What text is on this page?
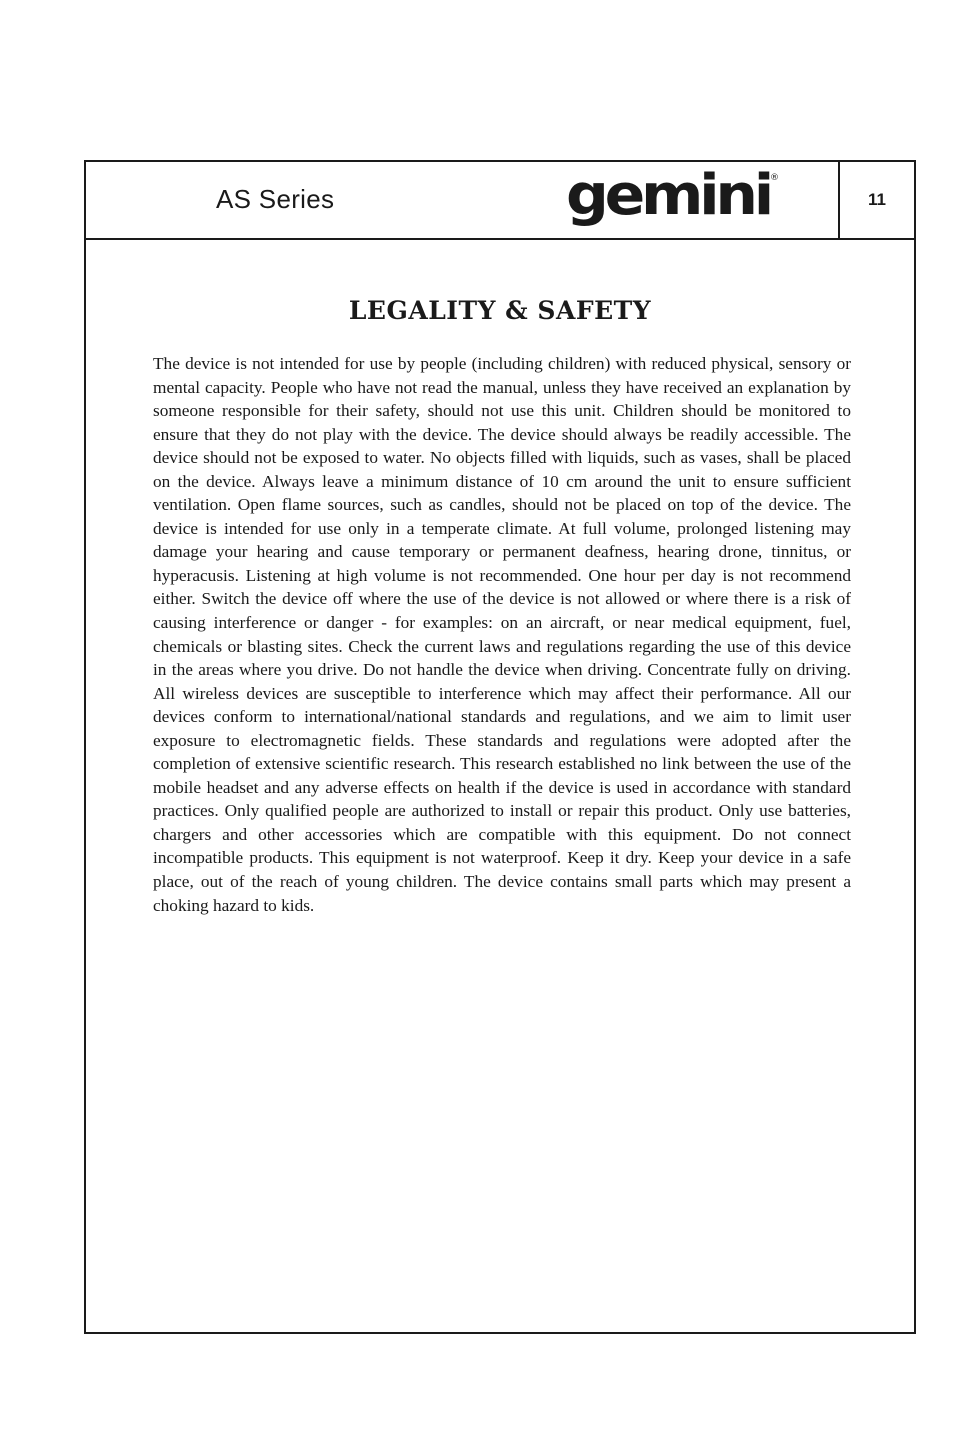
AS Series	gemini ®
11
LEGALITY & SAFETY

The device is not intended for use by people (including children) with reduced physical, sensory or mental capacity. People who have not read the manual, unless they have received an explanation by someone responsible for their safety, should not use this unit. Children should be monitored to ensure that they do not play with the device. The device should always be readily accessible. The device should not be exposed to water. No objects filled with liquids, such as vases, shall be placed on the device. Always leave a minimum distance of 10 cm around the unit to ensure sufficient ventilation. Open flame sources, such as candles, should not be placed on top of the device. The device is intended for use only in a temperate climate. At full volume, prolonged listening may damage your hearing and cause temporary or permanent deafness, hearing drone, tinnitus, or hyperacusis. Listening at high volume is not recommended. One hour per day is not recommend either. Switch the device off where the use of the device is not allowed or where there is a risk of causing interference or danger - for examples: on an aircraft, or near medical equipment, fuel, chemicals or blasting sites. Check the current laws and regulations regarding the use of this device in the areas where you drive. Do not handle the device when driving. Concentrate fully on driving. All wireless devices are susceptible to interference which may affect their performance. All our devices conform to international/national standards and regulations, and we aim to limit user exposure to electromagnetic fields. These standards and regulations were adopted after the completion of extensive scientific research. This research established no link between the use of the mobile headset and any adverse effects on health if the device is used in accordance with standard practices. Only qualified people are authorized to install or repair this product. Only use batteries, chargers and other accessories which are compatible with this equipment. Do not connect incompatible products. This equipment is not waterproof. Keep it dry. Keep your device in a safe place, out of the reach of young children. The device contains small parts which may present a choking hazard to kids.
